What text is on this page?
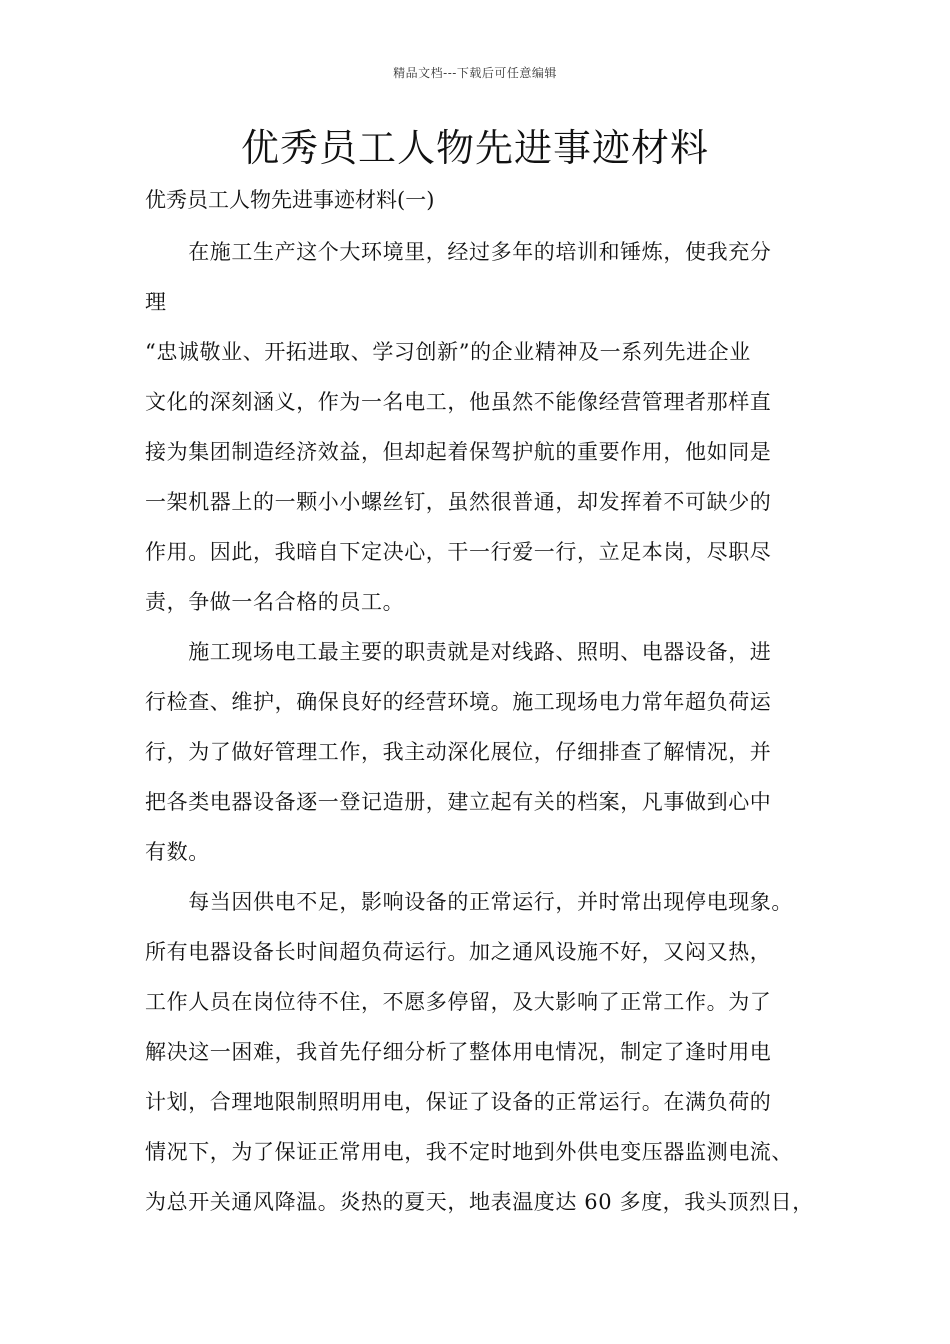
精品文档---下载后可任意编辑
优秀员工人物先进事迹材料
优秀员工人物先进事迹材料(一)
　　在施工生产这个大环境里，经过多年的培训和锤炼，使我充分
理
“忠诚敬业、开拓进取、学习创新”的企业精神及一系列先进企业
文化的深刻涵义，作为一名电工，他虽然不能像经营管理者那样直
接为集团制造经济效益，但却起着保驾护航的重要作用，他如同是
一架机器上的一颗小小螺丝钉，虽然很普通，却发挥着不可缺少的
作用。因此，我暗自下定决心，干一行爱一行，立足本岗，尽职尽
责，争做一名合格的员工。
　　施工现场电工最主要的职责就是对线路、照明、电器设备，进
行检查、维护，确保良好的经营环境。施工现场电力常年超负荷运
行，为了做好管理工作，我主动深化展位，仔细排查了解情况，并
把各类电器设备逐一登记造册，建立起有关的档案，凡事做到心中
有数。
　　每当因供电不足，影响设备的正常运行，并时常出现停电现象。
所有电器设备长时间超负荷运行。加之通风设施不好，又闷又热，
工作人员在岗位待不住，不愿多停留，及大影响了正常工作。为了
解决这一困难，我首先仔细分析了整体用电情况，制定了逢时用电
计划，合理地限制照明用电，保证了设备的正常运行。在满负荷的
情况下，为了保证正常用电，我不定时地到外供电变压器监测电流、
为总开关通风降温。炎热的夏天，地表温度达 60 多度，我头顶烈日，
